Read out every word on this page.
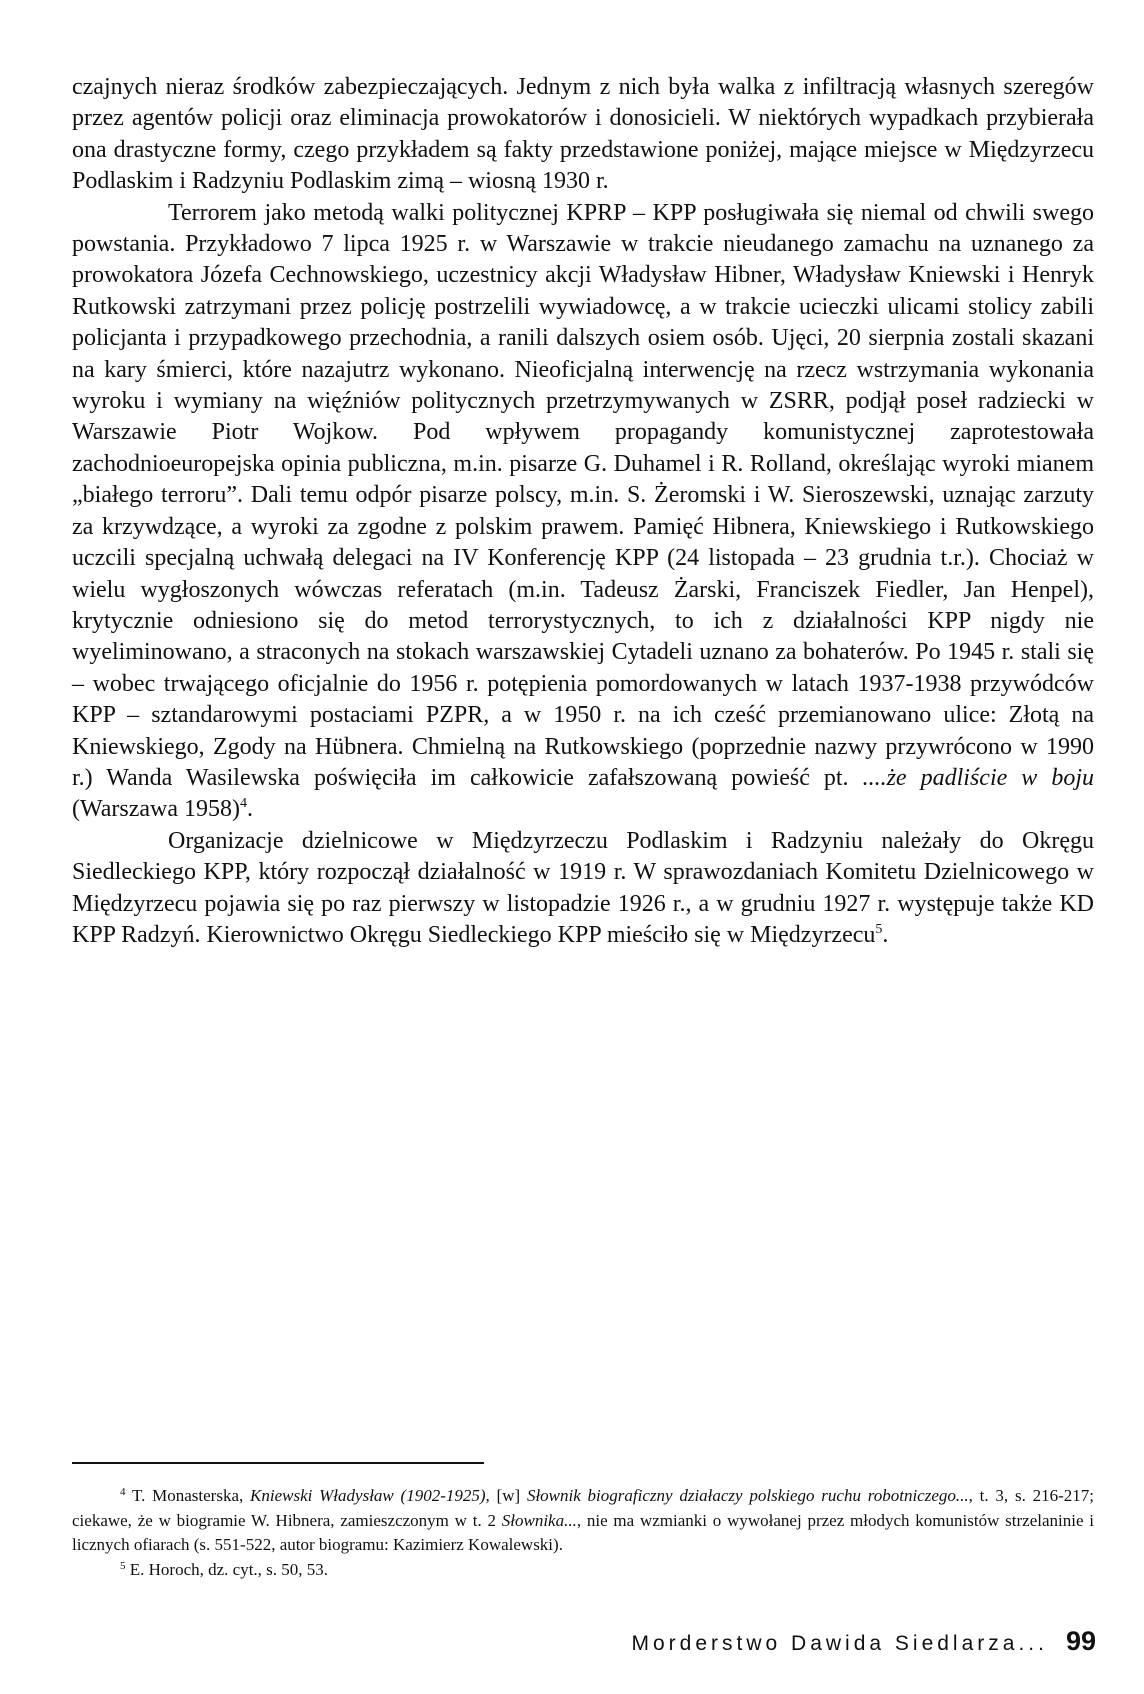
czajnych nieraz środków zabezpieczających. Jednym z nich była walka z infiltracją własnych szeregów przez agentów policji oraz eliminacja prowokatorów i donosicieli. W niektórych wypadkach przybierała ona drastyczne formy, czego przykładem są fakty przedstawione poniżej, mające miejsce w Międzyrzecu Podlaskim i Radzyniu Podlaskim zimą – wiosną 1930 r.

Terrorem jako metodą walki politycznej KPRP – KPP posługiwała się niemal od chwili swego powstania. Przykładowo 7 lipca 1925 r. w Warszawie w trakcie nieudanego zamachu na uznanego za prowokatora Józefa Cechnowskiego, uczestnicy akcji Władysław Hibner, Władysław Kniewski i Henryk Rutkowski zatrzymani przez policję postrzelili wywiadowcę, a w trakcie ucieczki ulicami stolicy zabili policjanta i przypadkowego przechodnia, a ranili dalszych osiem osób. Ujęci, 20 sierpnia zostali skazani na kary śmierci, które nazajutrz wykonano. Nieoficjalną interwencję na rzecz wstrzymania wykonania wyroku i wymiany na więźniów politycznych przetrzymywanych w ZSRR, podjął poseł radziecki w Warszawie Piotr Wojkow. Pod wpływem propagandy komunistycznej zaprotestowała zachodnioeuropejska opinia publiczna, m.in. pisarze G. Duhamel i R. Rolland, określając wyroki mianem „białego terroru”. Dali temu odpór pisarze polscy, m.in. S. Żeromski i W. Sieroszewski, uznając zarzuty za krzywdzące, a wyroki za zgodne z polskim prawem. Pamięć Hibnera, Kniewskiego i Rutkowskiego uczcili specjalną uchwałą delegaci na IV Konferencję KPP (24 listopada – 23 grudnia t.r.). Chociaż w wielu wygłoszonych wówczas referatach (m.in. Tadeusz Żarski, Franciszek Fiedler, Jan Henpel), krytycznie odniesiono się do metod terrorystycznych, to ich z działalności KPP nigdy nie wyeliminowano, a straconych na stokach warszawskiej Cytadeli uznano za bohaterów. Po 1945 r. stali się – wobec trwającego oficjalnie do 1956 r. potępienia pomordowanych w latach 1937-1938 przywódców KPP – sztandarowymi postaciami PZPR, a w 1950 r. na ich cześć przemianowano ulice: Złotą na Kniewskiego, Zgody na Hübnera. Chmielną na Rutkowskiego (poprzednie nazwy przywrócono w 1990 r.) Wanda Wasilewska poświęciła im całkowicie zafałszowaną powieść pt. ....że padliście w boju (Warszawa 1958)$^4$.

Organizacje dzielnicowe w Międzyrzeczu Podlaskim i Radzyniu należały do Okręgu Siedleckiego KPP, który rozpoczął działalność w 1919 r. W sprawozdaniach Komitetu Dzielnicowego w Międzyrzecu pojawia się po raz pierwszy w listopadzie 1926 r., a w grudniu 1927 r. występuje także KD KPP Radzyń. Kierownictwo Okręgu Siedleckiego KPP mieściło się w Międzyrzecu$^5$.

$^4$ T. Monasterska, Kniewski Władysław (1902-1925), [w] Słownik biograficzny działaczy polskiego ruchu robotniczego..., t. 3, s. 216-217; ciekawe, że w biogramie W. Hibnera, zamieszczonym w t. 2 Słownika..., nie ma wzmianki o wywołanej przez młodych komunistów strzelaninie i licznych ofiarach (s. 551-522, autor biogramu: Kazimierz Kowalewski).

$^5$ E. Horoch, dz. cyt., s. 50, 53.

Morderstwo Dawida Siedlarza... 99
